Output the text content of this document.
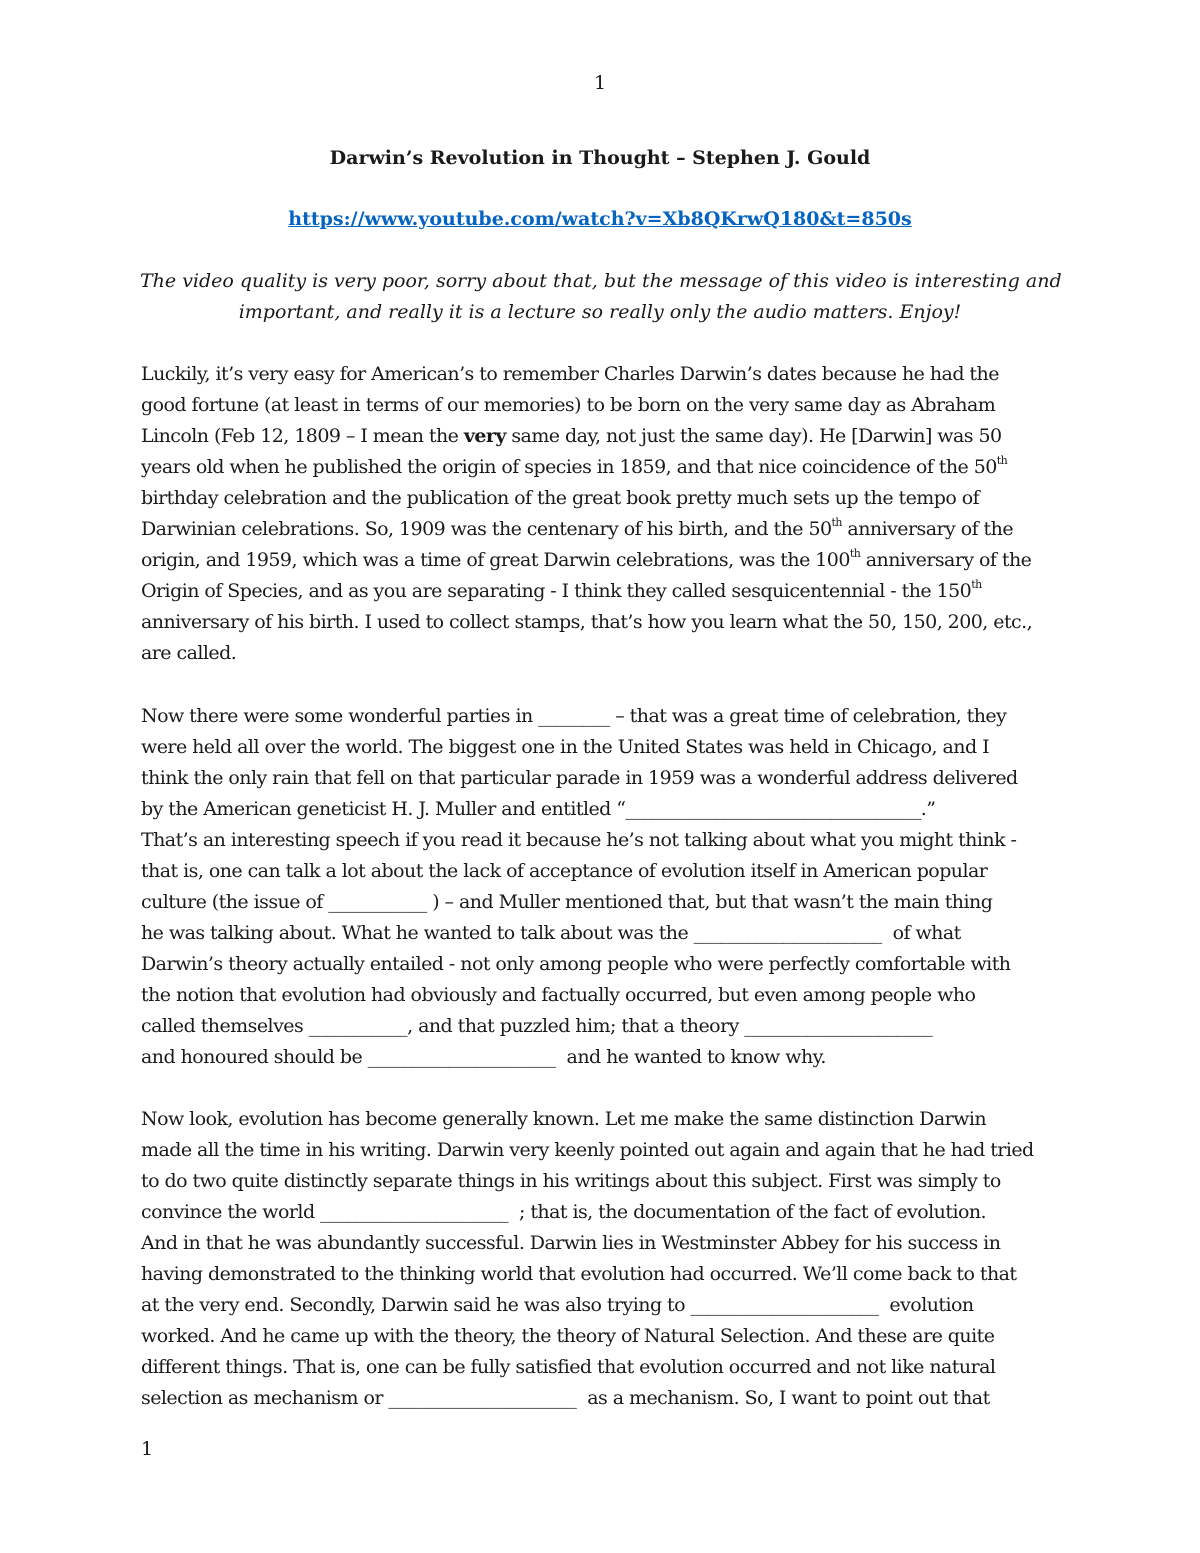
1
Darwin’s Revolution in Thought – Stephen J. Gould
https://www.youtube.com/watch?v=Xb8QKrwQ180&t=850s
The video quality is very poor, sorry about that, but the message of this video is interesting and
important, and really it is a lecture so really only the audio matters. Enjoy!
Luckily, it’s very easy for American’s to remember Charles Darwin’s dates because he had the
good fortune (at least in terms of our memories) to be born on the very same day as Abraham
Lincoln (Feb 12, 1809 – I mean the very same day, not just the same day). He [Darwin] was 50
years old when he published the origin of species in 1859, and that nice coincidence of the 50th
birthday celebration and the publication of the great book pretty much sets up the tempo of
Darwinian celebrations. So, 1909 was the centenary of his birth, and the 50th anniversary of the
origin, and 1959, which was a time of great Darwin celebrations, was the 100th anniversary of the
Origin of Species, and as you are separating - I think they called sesquicentennial - the 150th
anniversary of his birth. I used to collect stamps, that’s how you learn what the 50, 150, 200, etc.,
are called.
Now there were some wonderful parties in ________ – that was a great time of celebration, they
were held all over the world. The biggest one in the United States was held in Chicago, and I
think the only rain that fell on that particular parade in 1959 was a wonderful address delivered
by the American geneticist H. J. Muller and entitled “_________________________________.”
That’s an interesting speech if you read it because he’s not talking about what you might think -
that is, one can talk a lot about the lack of acceptance of evolution itself in American popular
culture (the issue of ___________ ) – and Muller mentioned that, but that wasn’t the main thing
he was talking about. What he wanted to talk about was the _____________________  of what
Darwin’s theory actually entailed - not only among people who were perfectly comfortable with
the notion that evolution had obviously and factually occurred, but even among people who
called themselves ___________, and that puzzled him; that a theory _____________________
and honoured should be _____________________  and he wanted to know why.
Now look, evolution has become generally known. Let me make the same distinction Darwin
made all the time in his writing. Darwin very keenly pointed out again and again that he had tried
to do two quite distinctly separate things in his writings about this subject. First was simply to
convince the world _____________________  ; that is, the documentation of the fact of evolution.
And in that he was abundantly successful. Darwin lies in Westminster Abbey for his success in
having demonstrated to the thinking world that evolution had occurred. We’ll come back to that
at the very end. Secondly, Darwin said he was also trying to _____________________  evolution
worked. And he came up with the theory, the theory of Natural Selection. And these are quite
different things. That is, one can be fully satisfied that evolution occurred and not like natural
selection as mechanism or _____________________  as a mechanism. So, I want to point out that
1
